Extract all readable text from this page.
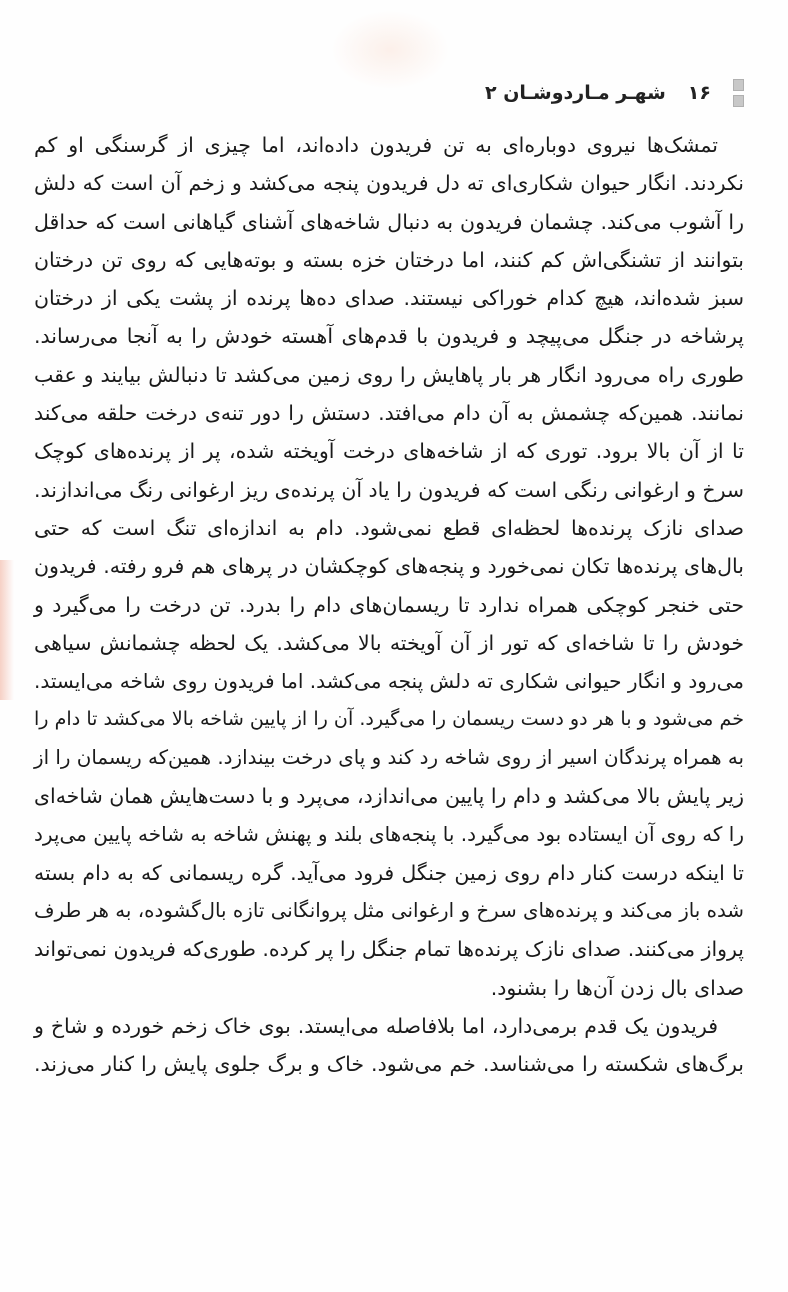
۱۶
شهـر مـاردوشـان ۲
تمشک‌ها نیروی دوباره‌ای به تن فریدون داده‌اند، اما چیزی از گرسنگی او کم
نکردند. انگار حیوان شکاری‌ای ته دل فریدون پنجه می‌کشد و زخم آن است که دلش
را آشوب می‌کند. چشمان فریدون به دنبال شاخه‌های آشنای گیاهانی است که حداقل
بتوانند از تشنگی‌اش کم کنند، اما درختان خزه بسته و بوته‌هایی که روی تن درختان
سبز شده‌اند، هیچ کدام خوراکی نیستند. صدای ده‌ها پرنده از پشت یکی از درختان
پرشاخه در جنگل می‌پیچد و فریدون با قدم‌های آهسته خودش را به آنجا می‌رساند.
طوری راه می‌رود انگار هر بار پاهایش را روی زمین می‌کشد تا دنبالش بیایند و عقب
نمانند. همین‌که چشمش به آن دام می‌افتد. دستش را دور تنه‌ی درخت حلقه می‌کند
تا از آن بالا برود. توری که از شاخه‌های درخت آویخته شده، پر از پرنده‌های کوچک
سرخ و ارغوانی رنگی است که فریدون را یاد آن پرنده‌ی ریز ارغوانی رنگ می‌اندازند.
صدای نازک پرنده‌ها لحظه‌ای قطع نمی‌شود. دام به اندازه‌ای تنگ است که حتی
بال‌های پرنده‌ها تکان نمی‌خورد و پنجه‌های کوچکشان در پرهای هم فرو رفته. فریدون
حتی خنجر کوچکی همراه ندارد تا ریسمان‌های دام را بدرد. تن درخت را می‌گیرد و
خودش را تا شاخه‌ای که تور از آن آویخته بالا می‌کشد. یک لحظه چشمانش سیاهی
می‌رود و انگار حیوانی شکاری ته دلش پنجه می‌کشد. اما فریدون روی شاخه می‌ایستد.
خم می‌شود و با هر دو دست ریسمان را می‌گیرد. آن را از پایین شاخه بالا می‌کشد تا دام را
به همراه پرندگان اسیر از روی شاخه رد کند و پای درخت بیندازد. همین‌که ریسمان را از
زیر پایش بالا می‌کشد و دام را پایین می‌اندازد، می‌پرد و با دست‌هایش همان شاخه‌ای
را که روی آن ایستاده بود می‌گیرد. با پنجه‌های بلند و پهنش شاخه به شاخه پایین می‌پرد
تا اینکه درست کنار دام روی زمین جنگل فرود می‌آید. گره ریسمانی که به دام بسته
شده باز می‌کند و پرنده‌های سرخ و ارغوانی مثل پروانگانی تازه بال‌گشوده، به هر طرف
پرواز می‌کنند. صدای نازک پرنده‌ها تمام جنگل را پر کرده. طوری‌که فریدون نمی‌تواند
صدای بال زدن آن‌ها را بشنود.
فریدون یک قدم برمی‌دارد، اما بلافاصله می‌ایستد. بوی خاک زخم خورده و شاخ و
برگ‌های شکسته را می‌شناسد. خم می‌شود. خاک و برگ جلوی پایش را کنار می‌زند.
